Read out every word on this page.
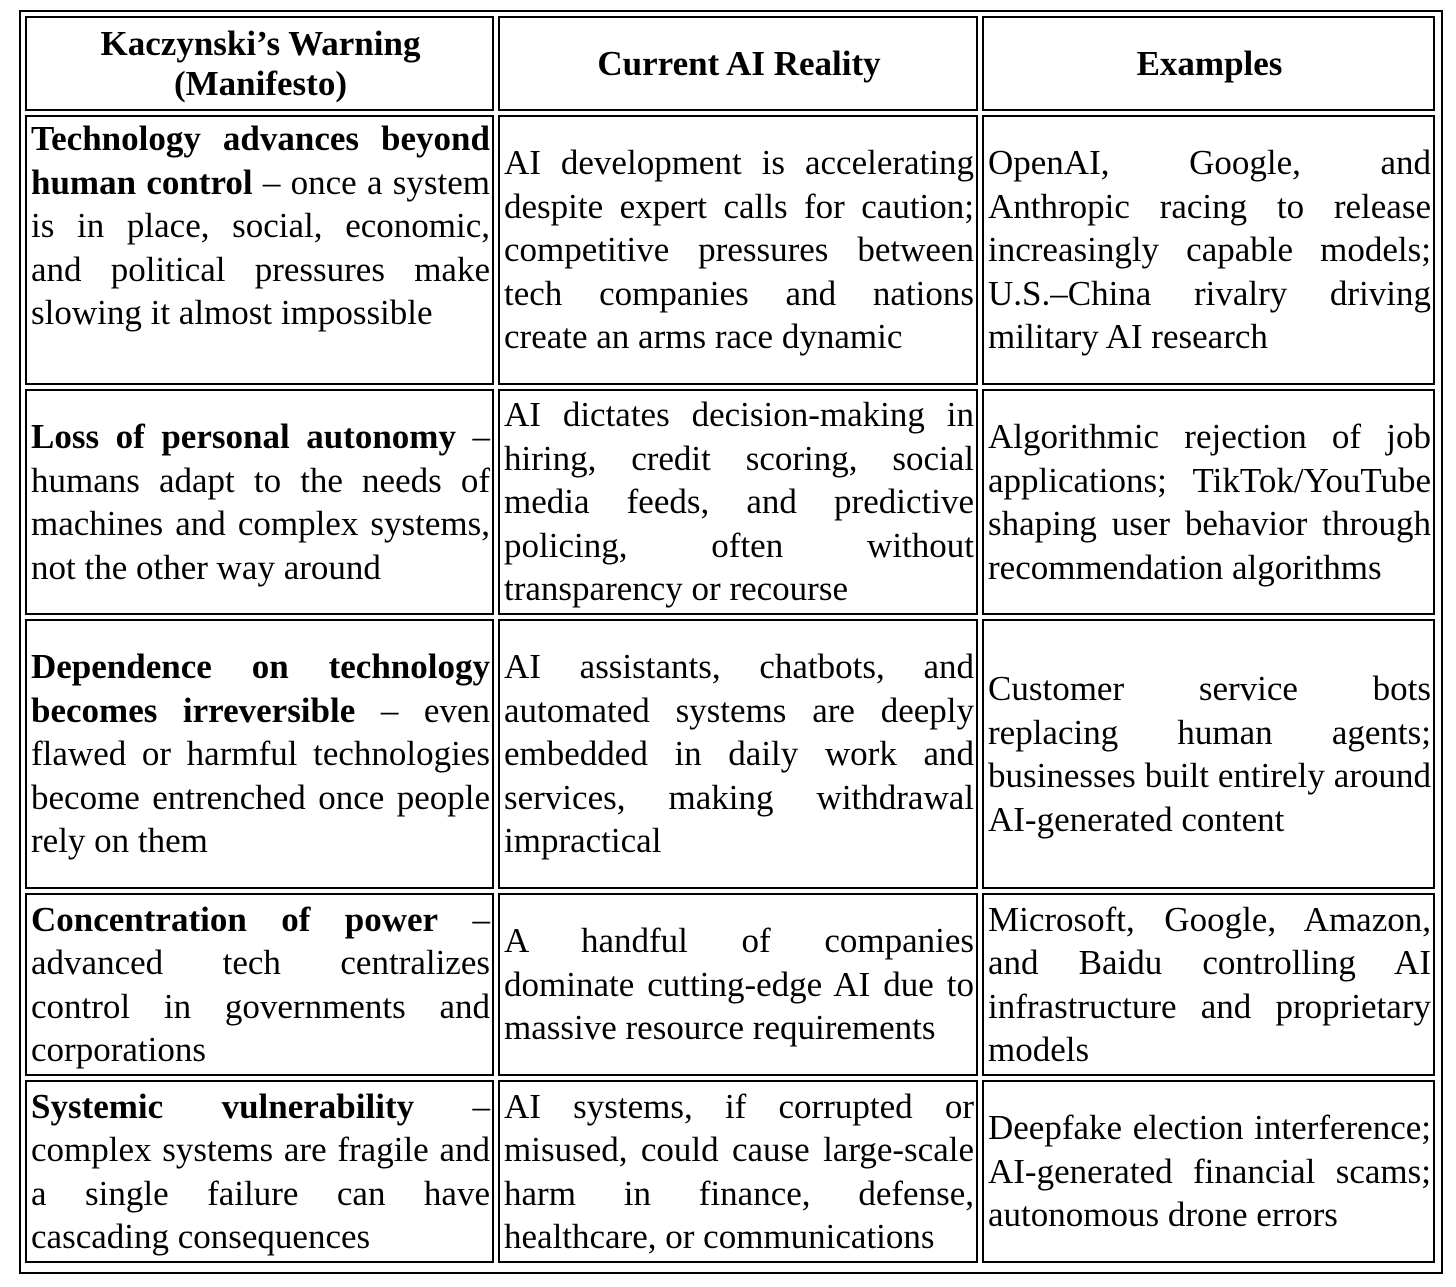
Kaczynski’s Warning (Manifesto)	Current AI Reality	Examples
Technology advances beyond human control – once a system is in place, social, economic, and political pressures make slowing it almost impossible	AI development is accelerating despite expert calls for caution; competitive pressures between tech companies and nations create an arms race dynamic	OpenAI, Google, and Anthropic racing to release increasingly capable models; U.S.–China rivalry driving military AI research
Loss of personal autonomy – humans adapt to the needs of machines and complex systems, not the other way around	AI dictates decision-making in hiring, credit scoring, social media feeds, and predictive policing, often without transparency or recourse	Algorithmic rejection of job applications; TikTok/YouTube shaping user behavior through recommendation algorithms
Dependence on technology becomes irreversible – even flawed or harmful technologies become entrenched once people rely on them	AI assistants, chatbots, and automated systems are deeply embedded in daily work and services, making withdrawal impractical	Customer service bots replacing human agents; businesses built entirely around AI-generated content
Concentration of power – advanced tech centralizes control in governments and corporations	A handful of companies dominate cutting-edge AI due to massive resource requirements	Microsoft, Google, Amazon, and Baidu controlling AI infrastructure and proprietary models
Systemic vulnerability – complex systems are fragile and a single failure can have cascading consequences	AI systems, if corrupted or misused, could cause large-scale harm in finance, defense, healthcare, or communications	Deepfake election interference; AI-generated financial scams; autonomous drone errors
